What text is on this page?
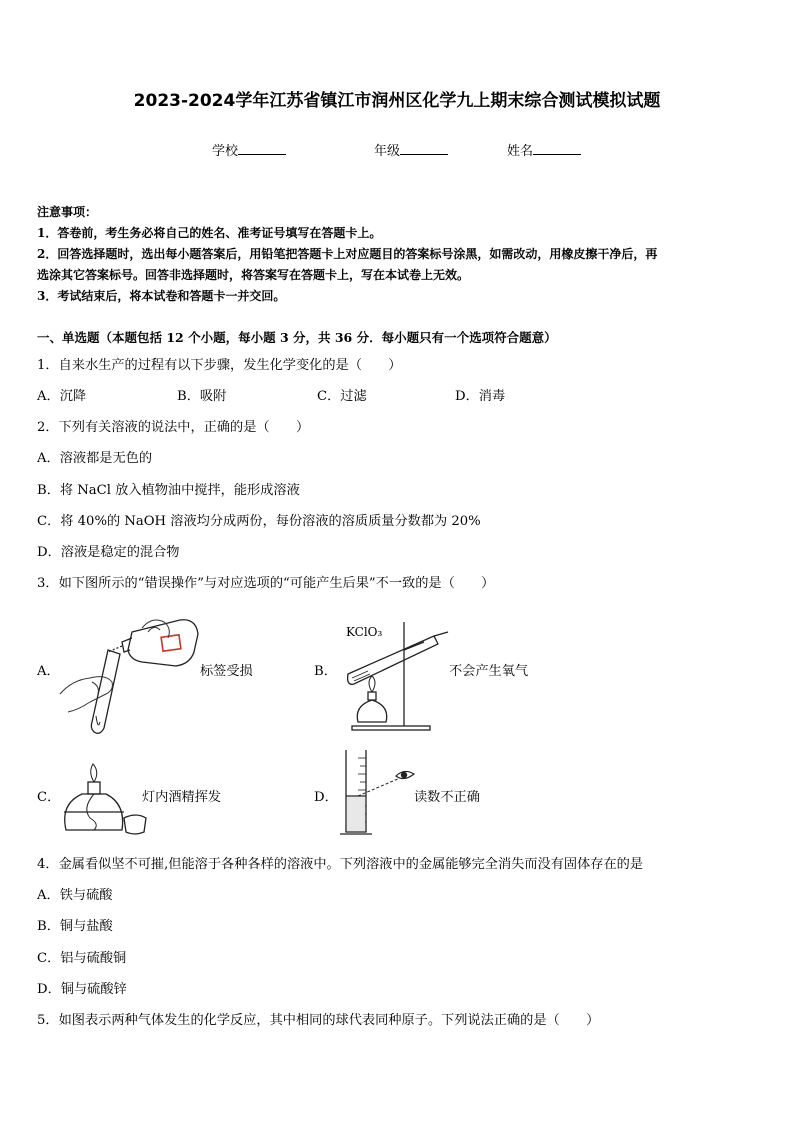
2023-2024学年江苏省镇江市润州区化学九上期末综合测试模拟试题
学校	年级	姓名
注意事项：
1．答卷前，考生务必将自己的姓名、准考证号填写在答题卡上。
2．回答选择题时，选出每小题答案后，用铅笔把答题卡上对应题目的答案标号涂黑，如需改动，用橡皮擦干净后，再
选涂其它答案标号。回答非选择题时，将答案写在答题卡上，写在本试卷上无效。
3．考试结束后，将本试卷和答题卡一并交回。
一、单选题（本题包括 12 个小题，每小题 3 分，共 36 分．每小题只有一个选项符合题意）
1．自来水生产的过程有以下步骤，发生化学变化的是（　　）
A．沉降	B．吸附	C．过滤	D．消毒
2．下列有关溶液的说法中，正确的是（　　）
A．溶液都是无色的
B．将 NaCl 放入植物油中搅拌，能形成溶液
C．将 40%的 NaOH 溶液均分成两份，每份溶液的溶质质量分数都为 20%
D．溶液是稳定的混合物
3．如下图所示的“错误操作”与对应选项的“可能产生后果”不一致的是（　　）
A．	标签受损	B．
KClO₃
不会产生氧气
C．	灯内酒精挥发	D．	读数不正确
4．金属看似坚不可摧,但能溶于各种各样的溶液中。下列溶液中的金属能够完全消失而没有固体存在的是
A．铁与硫酸
B．铜与盐酸
C．铝与硫酸铜
D．铜与硫酸锌
5．如图表示两种气体发生的化学反应，其中相同的球代表同种原子。下列说法正确的是（　　）
